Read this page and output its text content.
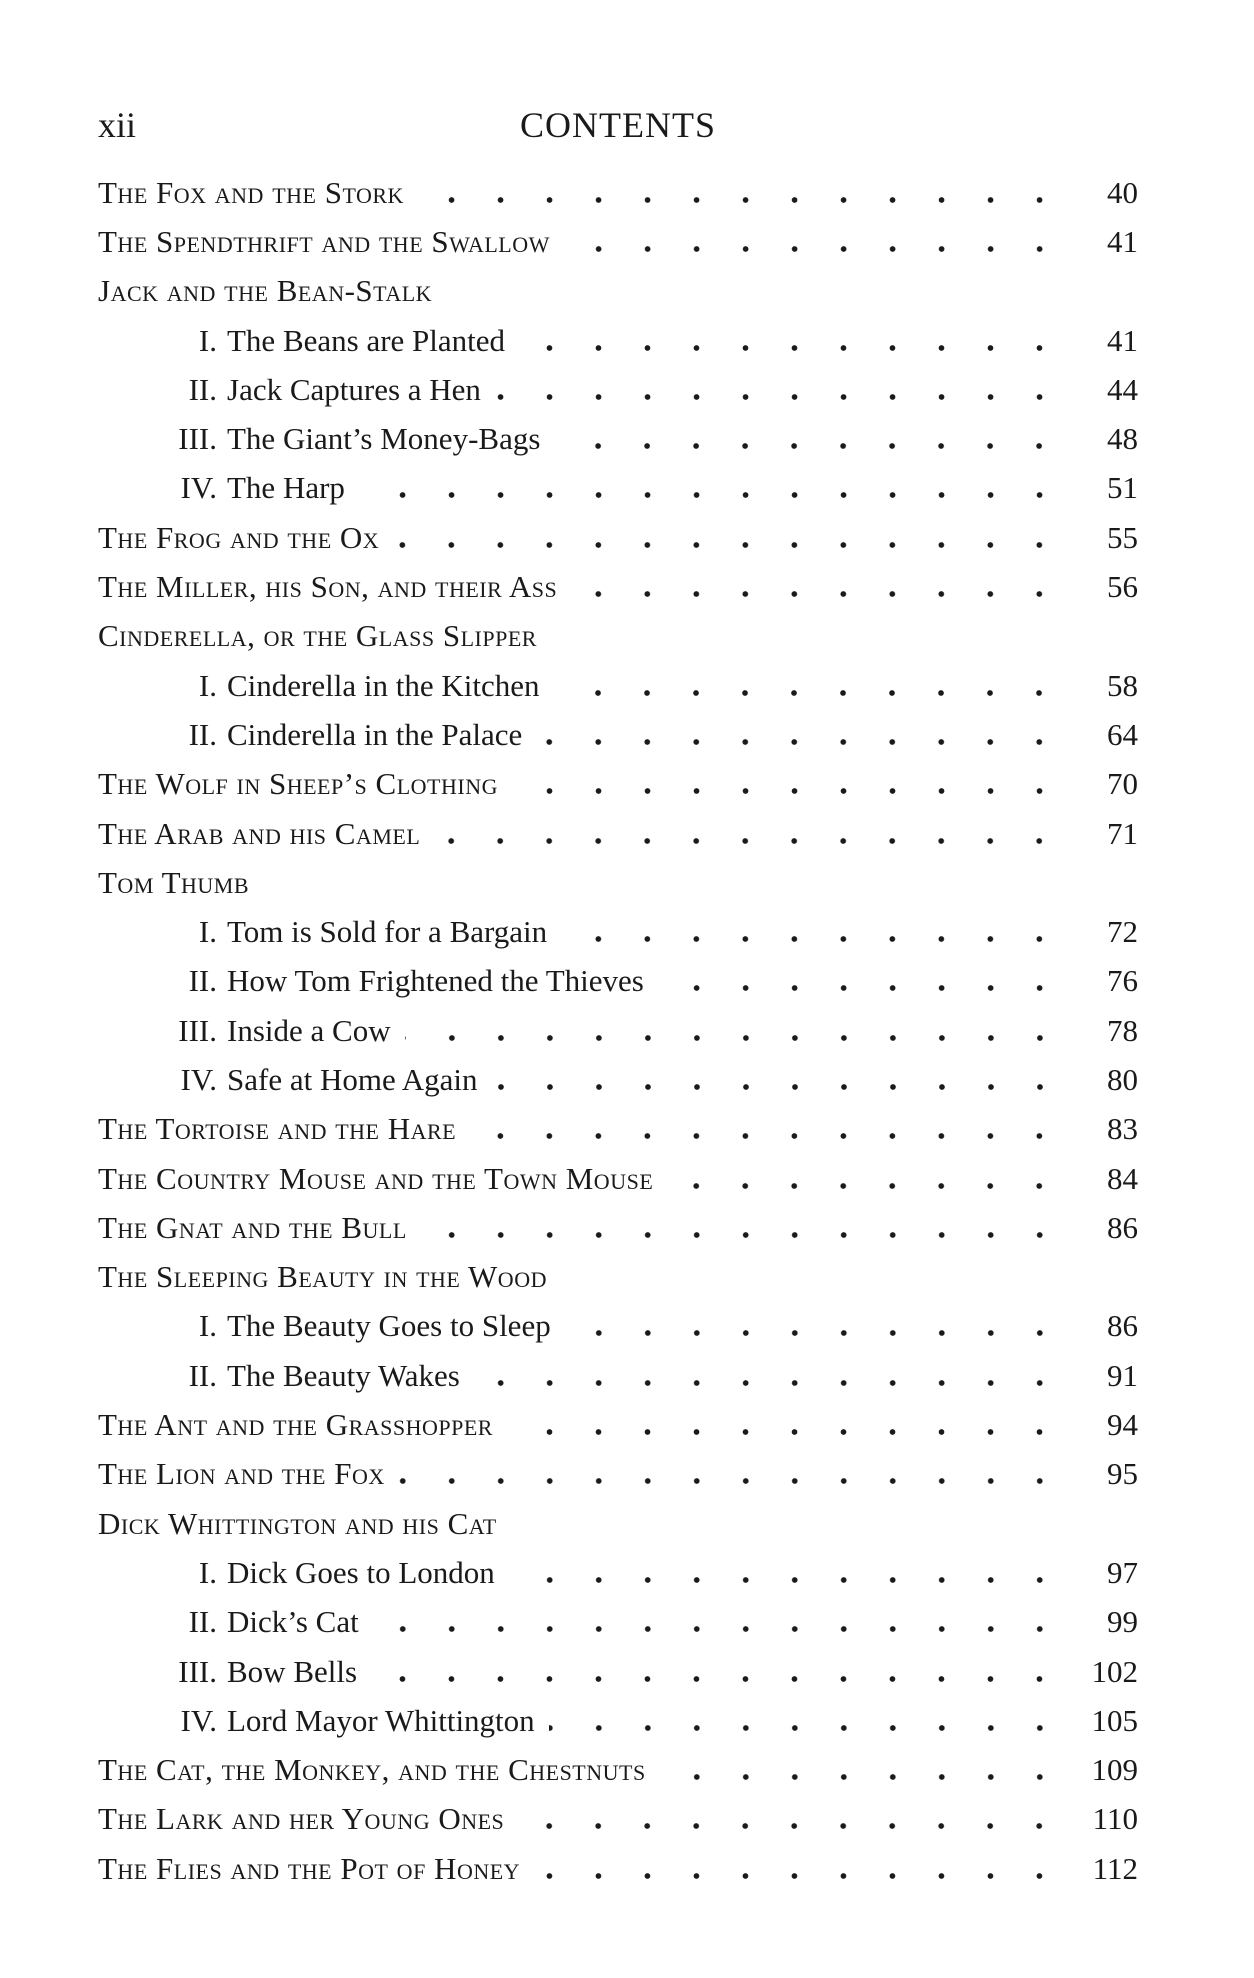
xii	CONTENTS
The Fox and the Stork	40
The Spendthrift and the Swallow	41
Jack and the Bean-Stalk
I. The Beans are Planted	41
II. Jack Captures a Hen	44
III. The Giant’s Money-Bags	48
IV. The Harp	51
The Frog and the Ox	55
The Miller, his Son, and their Ass	56
Cinderella, or the Glass Slipper
I. Cinderella in the Kitchen	58
II. Cinderella in the Palace	64
The Wolf in Sheep’s Clothing	70
The Arab and his Camel	71
Tom Thumb
I. Tom is Sold for a Bargain	72
II. How Tom Frightened the Thieves	76
III. Inside a Cow	78
IV. Safe at Home Again	80
The Tortoise and the Hare	83
The Country Mouse and the Town Mouse	84
The Gnat and the Bull	86
The Sleeping Beauty in the Wood
I. The Beauty Goes to Sleep	86
II. The Beauty Wakes	91
The Ant and the Grasshopper	94
The Lion and the Fox	95
Dick Whittington and his Cat
I. Dick Goes to London	97
II. Dick’s Cat	99
III. Bow Bells	102
IV. Lord Mayor Whittington	105
The Cat, the Monkey, and the Chestnuts	109
The Lark and her Young Ones	110
The Flies and the Pot of Honey	112
